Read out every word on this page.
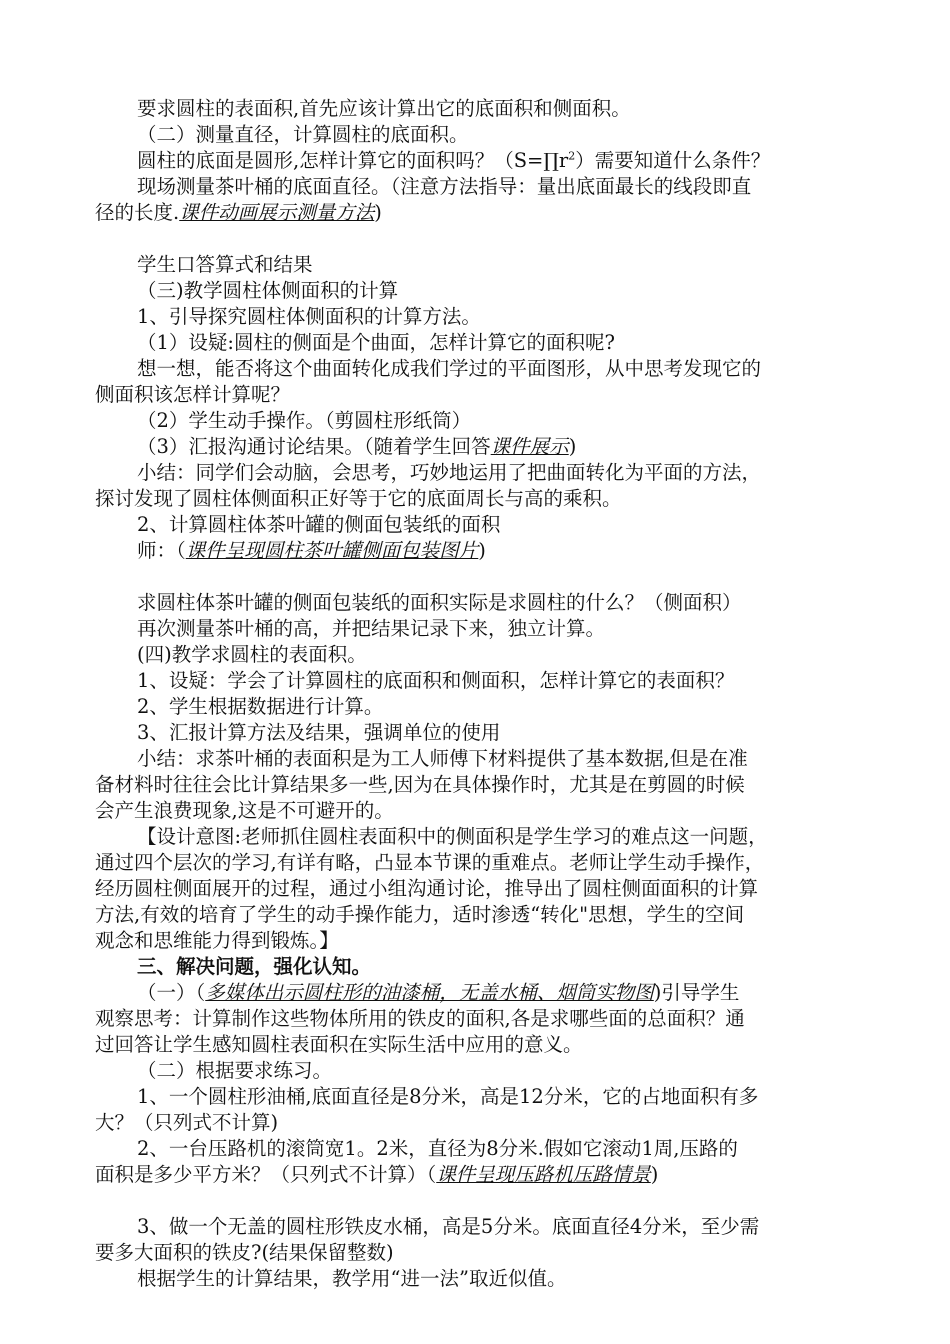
要求圆柱的表面积,首先应该计算出它的底面积和侧面积。
（二）测量直径，计算圆柱的底面积。
圆柱的底面是圆形,怎样计算它的面积吗？$(S=\prod r^2)$需要知道什么条件？
现场测量茶叶桶的底面直径。（注意方法指导：量出底面最长的线段即直
径的长度.课件动画展示测量方法)
学生口答算式和结果
（三)教学圆柱体侧面积的计算
1、引导探究圆柱体侧面积的计算方法。
（1）设疑:圆柱的侧面是个曲面，怎样计算它的面积呢?
想一想，能否将这个曲面转化成我们学过的平面图形，从中思考发现它的
侧面积该怎样计算呢？
（2）学生动手操作。（剪圆柱形纸筒）
（3）汇报沟通讨论结果。（随着学生回答课件展示)
小结：同学们会动脑，会思考，巧妙地运用了把曲面转化为平面的方法，
探讨发现了圆柱体侧面积正好等于它的底面周长与高的乘积。
2、计算圆柱体茶叶罐的侧面包装纸的面积
师：（课件呈现圆柱茶叶罐侧面包装图片)
求圆柱体茶叶罐的侧面包装纸的面积实际是求圆柱的什么？（侧面积）
再次测量茶叶桶的高，并把结果记录下来，独立计算。
(四)教学求圆柱的表面积。
1、设疑：学会了计算圆柱的底面积和侧面积，怎样计算它的表面积？
2、学生根据数据进行计算。
3、汇报计算方法及结果，强调单位的使用
小结：求茶叶桶的表面积是为工人师傅下材料提供了基本数据,但是在准
备材料时往往会比计算结果多一些,因为在具体操作时，尤其是在剪圆的时候
会产生浪费现象,这是不可避开的。
【设计意图:老师抓住圆柱表面积中的侧面积是学生学习的难点这一问题，
通过四个层次的学习,有详有略，凸显本节课的重难点。老师让学生动手操作，
经历圆柱侧面展开的过程，通过小组沟通讨论，推导出了圆柱侧面面积的计算
方法,有效的培育了学生的动手操作能力，适时渗透“转化"思想，学生的空间
观念和思维能力得到锻炼。】
三、解决问题，强化认知。
（一）（多媒体出示圆柱形的油漆桶，无盖水桶、烟筒实物图)引导学生
观察思考：计算制作这些物体所用的铁皮的面积,各是求哪些面的总面积？通
过回答让学生感知圆柱表面积在实际生活中应用的意义。
（二）根据要求练习。
1、一个圆柱形油桶,底面直径是8分米，高是12分米，它的占地面积有多
大？（只列式不计算)
2、一台压路机的滚筒宽1。2米，直径为8分米.假如它滚动1周,压路的
面积是多少平方米？（只列式不计算）（课件呈现压路机压路情景)
3、做一个无盖的圆柱形铁皮水桶，高是5分米。底面直径4分米，至少需
要多大面积的铁皮?(结果保留整数)
根据学生的计算结果，教学用“进一法”取近似值。
